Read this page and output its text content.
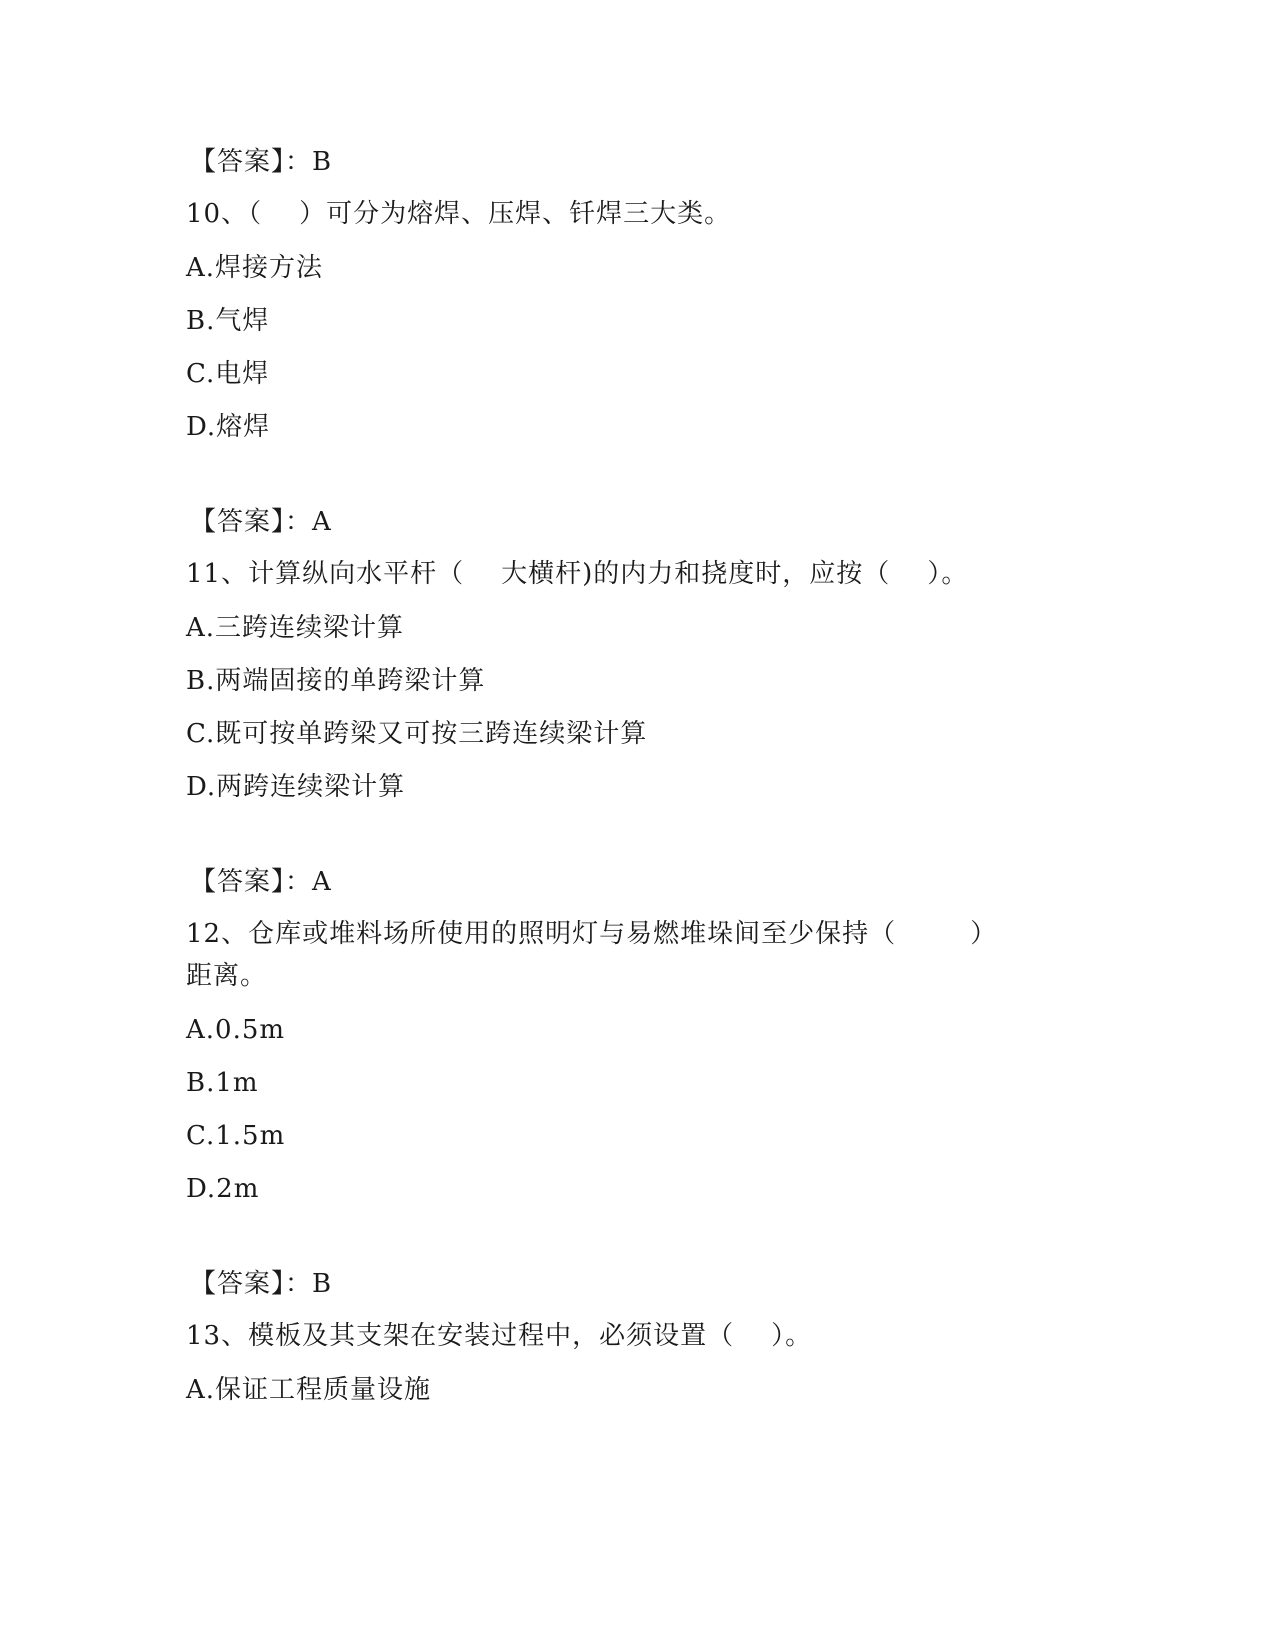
【答案】：B
10、（    ）可分为熔焊、压焊、钎焊三大类。
A.焊接方法
B.气焊
C.电焊
D.熔焊
【答案】：A
11、计算纵向水平杆（    大横杆)的内力和挠度时，应按（    ）。
A.三跨连续梁计算
B.两端固接的单跨梁计算
C.既可按单跨梁又可按三跨连续梁计算
D.两跨连续梁计算
【答案】：A
12、仓库或堆料场所使用的照明灯与易燃堆垛间至少保持（        ）
距离。
A.0.5m
B.1m
C.1.5m
D.2m
【答案】：B
13、模板及其支架在安装过程中，必须设置（    ）。
A.保证工程质量设施
